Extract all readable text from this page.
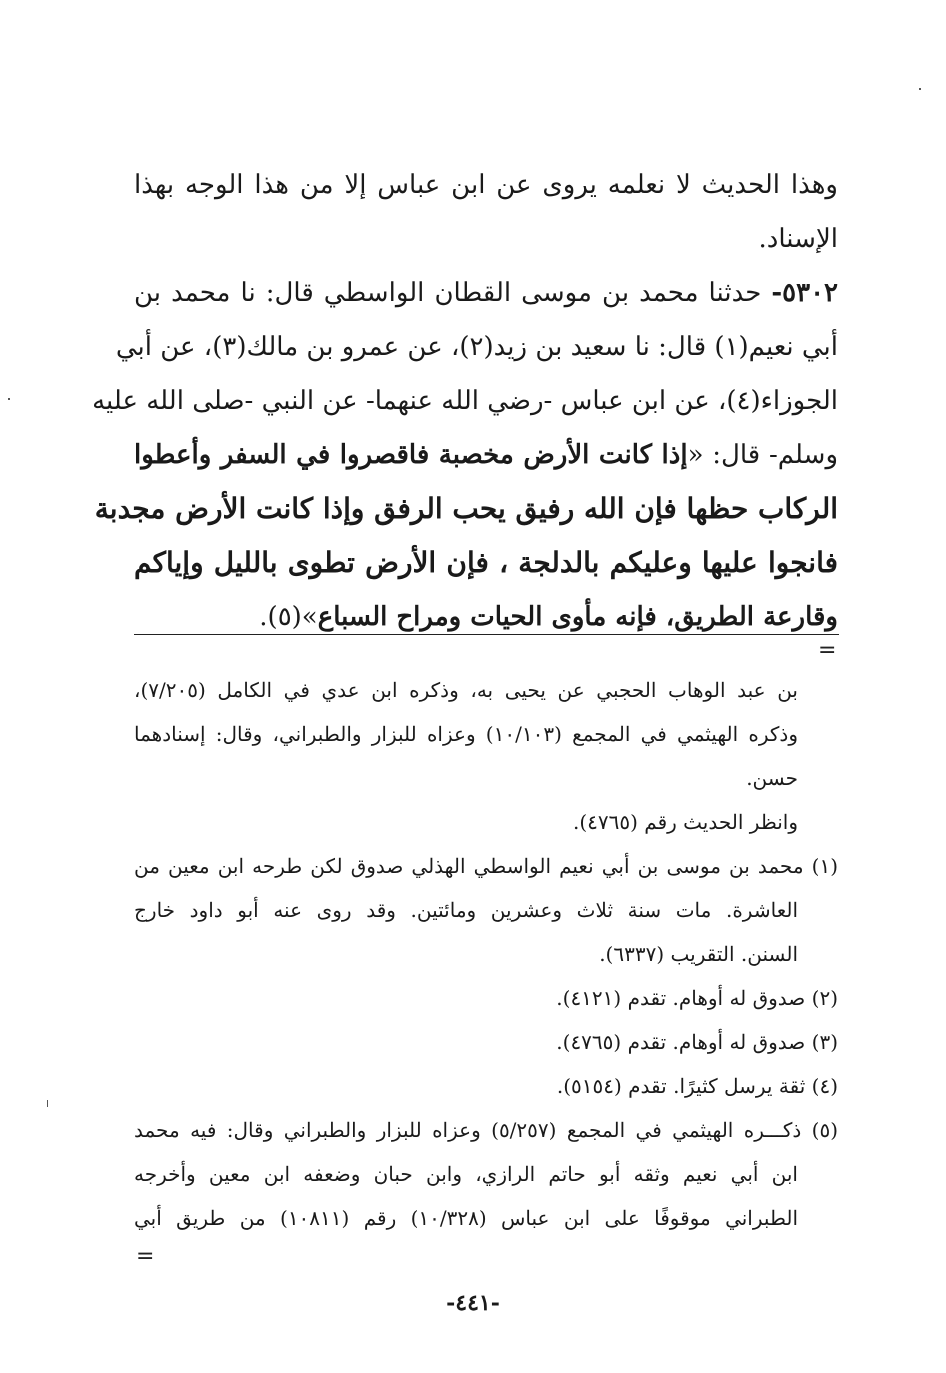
وهذا الحديث لا نعلمه يروى عن ابن عباس إلا من هذا الوجه بهذا
الإسناد.
٥٣٠٢- حدثنا محمد بن موسى القطان الواسطي قال: نا محمد بن
أبي نعيم(١) قال: نا سعيد بن زيد(٢)، عن عمرو بن مالك(٣)، عن أبي
الجوزاء(٤)، عن ابن عباس -رضي الله عنهما- عن النبي -صلى الله عليه
وسلم- قال: «إذا كانت الأرض مخصبة فاقصروا في السفر وأعطوا
الركاب حظها فإن الله رفيق يحب الرفق وإذا كانت الأرض مجدبة
فانجوا عليها وعليكم بالدلجة ، فإن الأرض تطوى بالليل وإياكم
وقارعة الطريق، فإنه مأوى الحيات ومراح السباع»(٥).
=
بن عبد الوهاب الحجبي عن يحيى به، وذكره ابن عدي في الكامل (٧/٢٠٥)،
وذكره الهيثمي في المجمع (١٠/١٠٣) وعزاه للبزار والطبراني، وقال: إسنادهما
حسن.
وانظر الحديث رقم (٤٧٦٥).
(١) محمد بن موسى بن أبي نعيم الواسطي الهذلي صدوق لكن طرحه ابن معين من
العاشرة. مات سنة ثلاث وعشرين ومائتين. وقد روى عنه أبو داود خارج
السنن. التقريب (٦٣٣٧).
(٢) صدوق له أوهام. تقدم (٤١٢١).
(٣) صدوق له أوهام. تقدم (٤٧٦٥).
(٤) ثقة يرسل كثيرًا. تقدم (٥١٥٤).
(٥) ذكـــره الهيثمي في المجمع (٥/٢٥٧) وعزاه للبزار والطبراني وقال: فيه محمد
ابن أبي نعيم وثقه أبو حاتم الرازي، وابن حبان وضعفه ابن معين وأخرجه
الطبراني موقوفًا على ابن عباس (١٠/٣٢٨) رقم (١٠٨١١) من طريق أبي
=
-٤٤١-
